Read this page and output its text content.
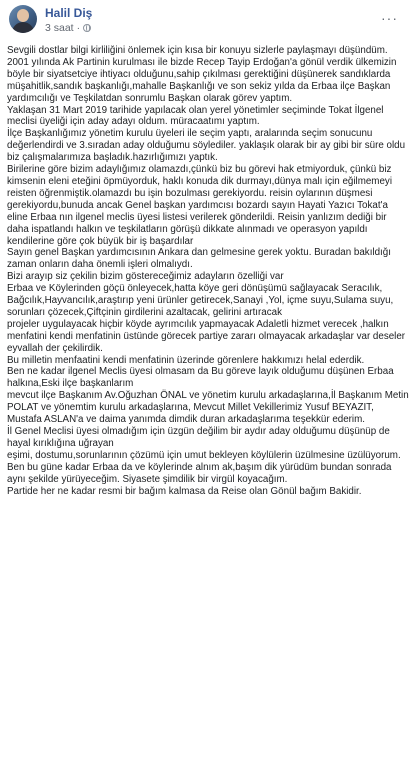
Halil Diş
3 saat ·
···

Sevgili dostlar bilgi kirliliğini önlemek için kısa bir konuyu sizlerle paylaşmayı düşündüm.

2001 yılında Ak Partinin kurulması ile bizde Recep Tayip Erdoğan'a gönül verdik ülkemizin böyle bir siyatsetciye ihtiyacı olduğunu,sahip çıkılması gerektiğini düşünerek sandıklarda

müşahitlik,sandık başkanlığı,mahalle Başkanlığı ve son sekiz yılda da Erbaa ilçe Başkan yardımcılığı ve Teşkilatdan sonrumlu Başkan olarak görev yaptım.

Yaklaşan 31 Mart 2019 tarihide yapılacak olan yerel yönetimler seçiminde Tokat İlgenel meclisi üyeliği için aday adayı oldum. müracaatımı yaptım.

İlçe Başkanlığımız yönetim kurulu üyeleri ile seçim yaptı, aralarında seçim sonucunu değerlendirdi ve 3.sıradan aday olduğumu söylediler. yaklaşık olarak bir ay gibi bir süre oldu biz çalışmalarımıza başladık.hazırlığımızı yaptık.

Birilerine göre bizim adaylığımız olamazdı,çünkü biz bu görevi hak etmiyorduk, çünkü biz kimsenin eleni eteğini öpmüyorduk, haklı konuda dik durmayı,dünya malı için eğilmemeyi reisten öğrenmiştik.olamazdı bu işin bozulması gerekiyordu. reisin oylarının düşmesi gerekiyordu,bunuda ancak Genel başkan yardımcısı bozardı sayın Hayati Yazıcı Tokat'a eline Erbaa nın ilgenel meclis üyesi listesi verilerek gönderildi. Reisin yanlızım dediği bir daha ispatlandı halkın ve teşkilatların görüşü dikkate alınmadı ve operasyon yapıldı kendilerine göre çok büyük bir iş başardılar

Sayın genel Başkan yardımcısının Ankara dan gelmesine gerek yoktu. Buradan bakıldığı zaman onların daha önemli işleri olmalıydı.

Bizi arayıp siz çekilin bizim göstereceğimiz adayların özelliği var

Erbaa ve Köylerinden göçü önleyecek,hatta köye geri dönüşümü sağlayacak Seracılık, Bağcılık,Hayvancılık,araştırıp yeni ürünler getirecek,Sanayi ,Yol, içme suyu,Sulama suyu, sorunları çözecek,Çiftçinin girdilerini azaltacak, gelirini artıracak

projeler uygulayacak hiçbir köyde ayrımcılık yapmayacak Adaletli hizmet verecek ,halkın menfatini kendi menfatinin üstünde görecek partiye zararı olmayacak arkadaşlar var deseler eyvallah der çekilirdik.

Bu milletin menfaatini kendi menfatinin üzerinde görenlere hakkımızı helal ederdik.

Ben ne kadar ilgenel Meclis üyesi olmasam da Bu göreve layık olduğumu düşünen Erbaa halkına,Eski ilçe başkanlarım

mevcut ilçe Başkanım Av.Oğuzhan ÖNAL ve yönetim kurulu arkadaşlarına,İl Başkanım Metin POLAT ve yönemtim kurulu arkadaşlarına, Mevcut Millet Vekillerimiz Yusuf BEYAZIT, Mustafa ASLAN'a ve daima yanımda dimdik duran arkadaşlarıma teşekkür ederim.

İl Genel Meclisi üyesi olmadığım için üzgün değilim bir aydır aday olduğumu düşünüp de hayal kırıklığına uğrayan

eşimi, dostumu,sorunlarının çözümü için umut bekleyen köylülerin üzülmesine üzülüyorum.

Ben bu güne kadar Erbaa da ve köylerinde alnım ak,başım dik yürüdüm bundan sonrada aynı şekilde yürüyeceğim. Siyasete şimdilik bir virgül koyacağım.

Partide her ne kadar resmi bir bağım kalmasa da Reise olan Gönül bağım Bakidir.
